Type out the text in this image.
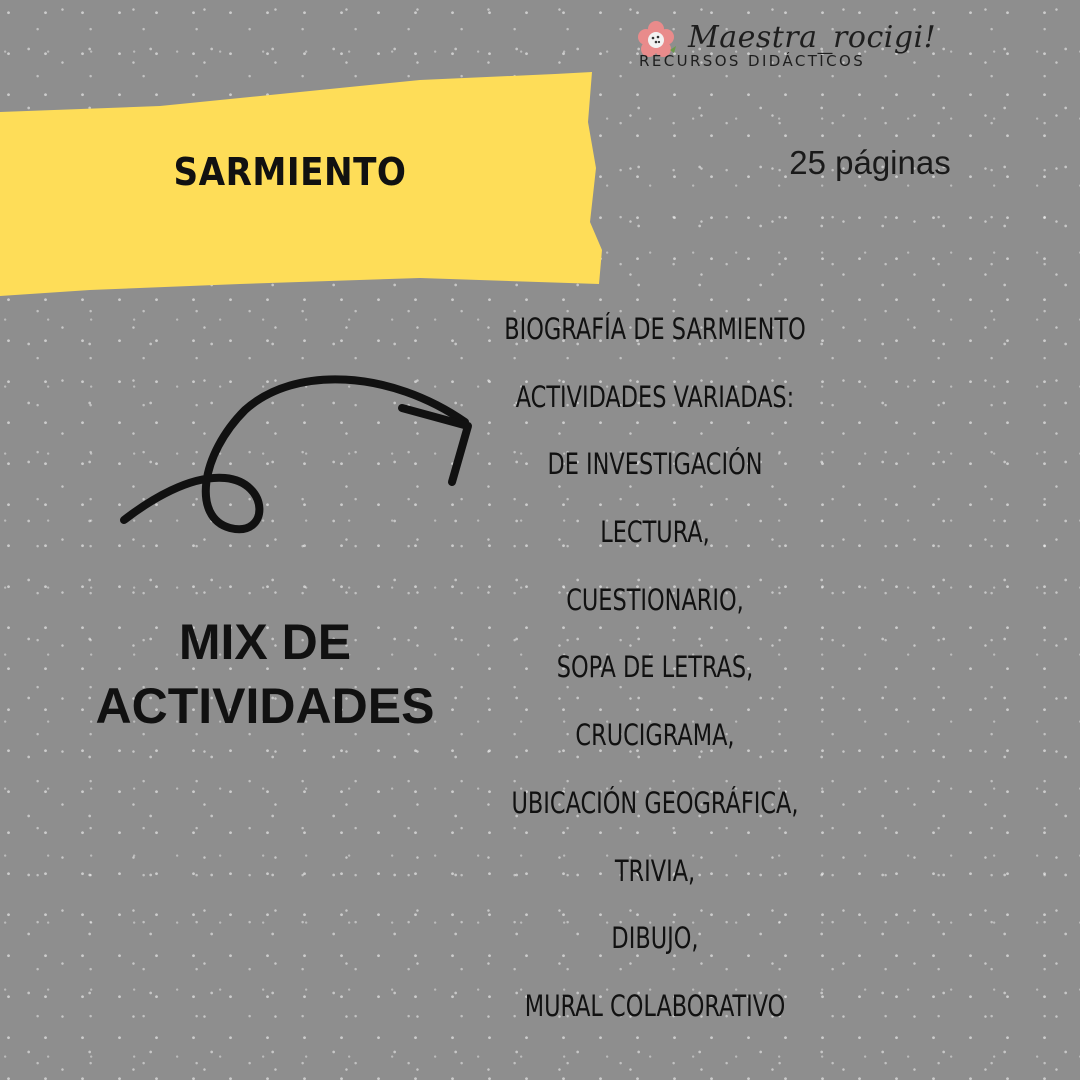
Maestra_rocigi!
RECURSOS DIDÁCTICOS
SARMIENTO	25 páginas
MIX DE
ACTIVIDADES
BIOGRAFÍA DE SARMIENTO
ACTIVIDADES VARIADAS:
DE INVESTIGACIÓN
LECTURA,
CUESTIONARIO,
SOPA DE LETRAS,
CRUCIGRAMA,
UBICACIÓN GEOGRÁFICA,
TRIVIA,
DIBUJO,
MURAL COLABORATIVO
